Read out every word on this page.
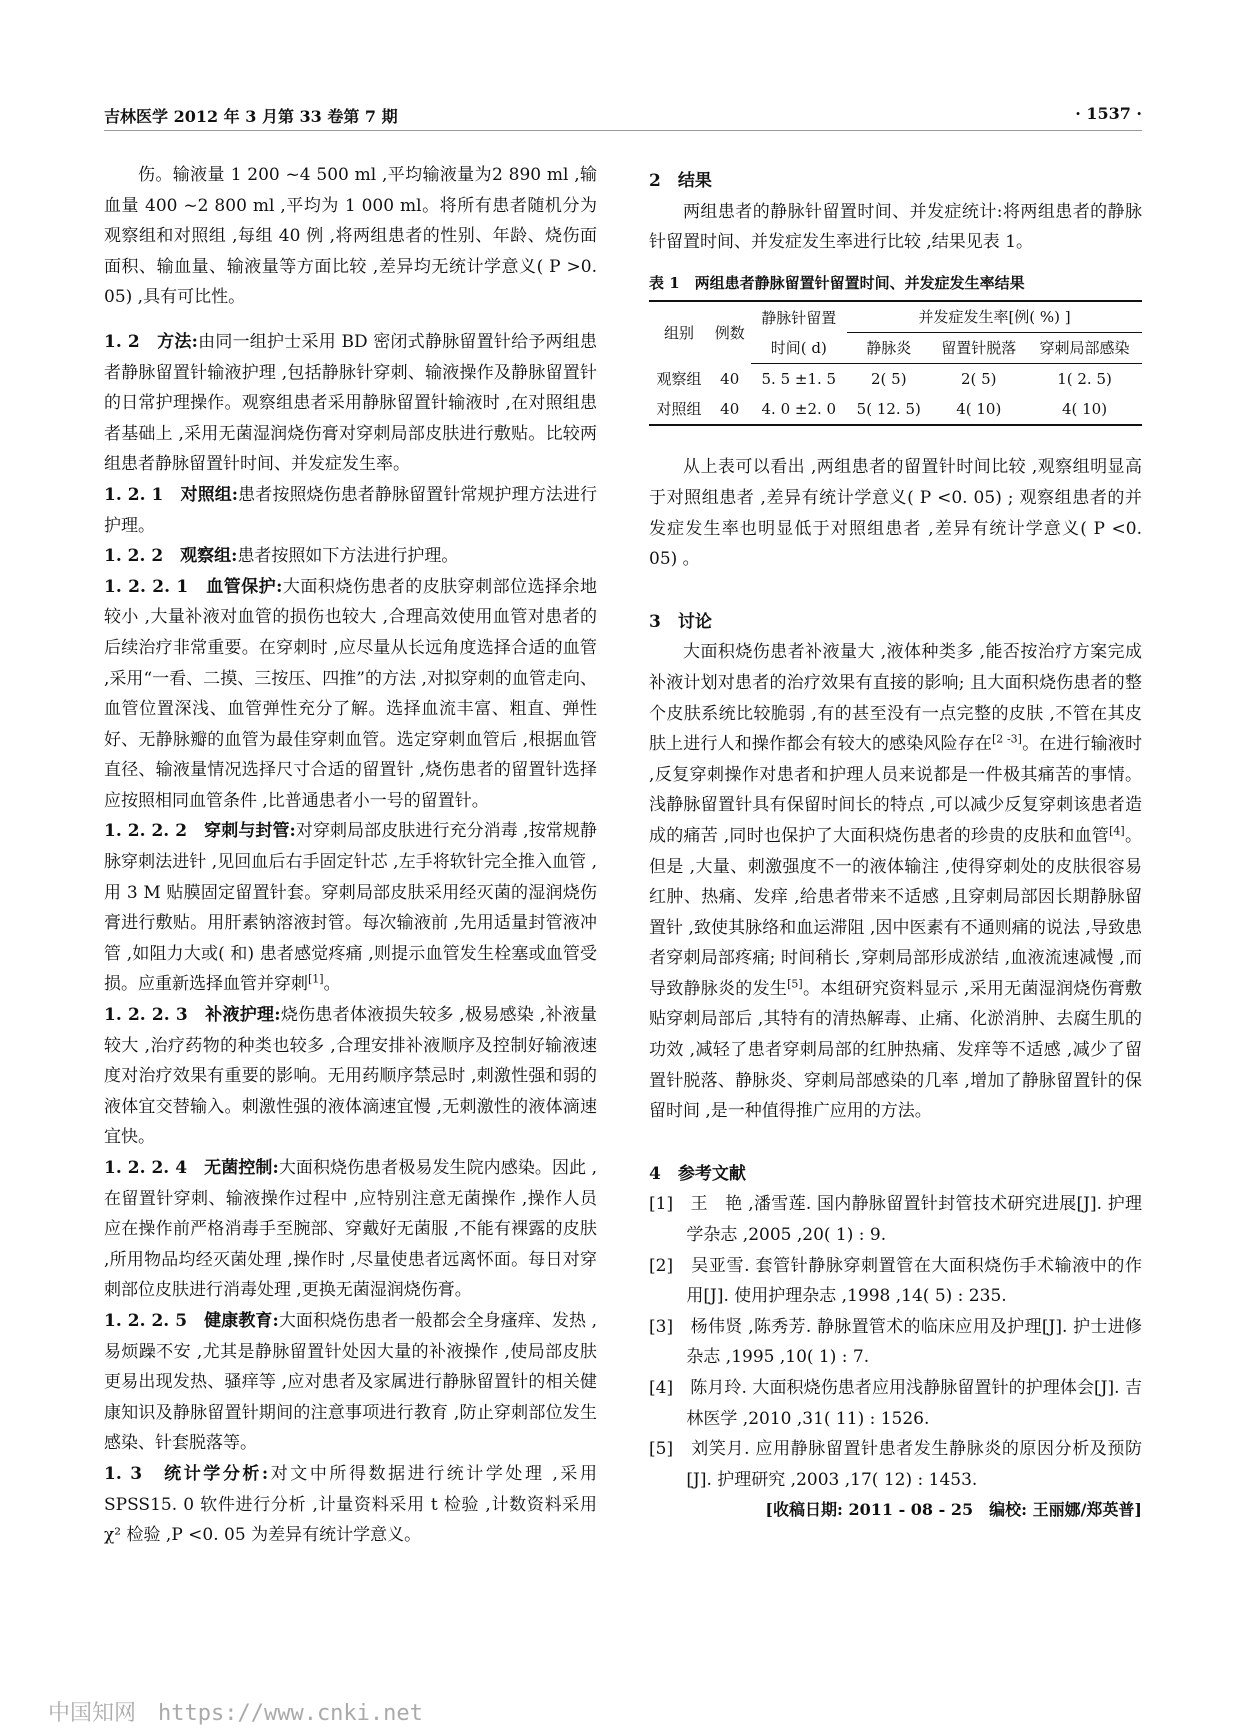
吉林医学 2012 年 3 月第 33 卷第 7 期	· 1537 ·

伤。输液量 1 200 ~4 500 ml ,平均输液量为2 890 ml ,输血量 400 ~2 800 ml ,平均为 1 000 ml。将所有患者随机分为观察组和对照组 ,每组 40 例 ,将两组患者的性别、年龄、烧伤面面积、输血量、输液量等方面比较 ,差异均无统计学意义( P >0. 05) ,具有可比性。

1. 2　方法:由同一组护士采用 BD 密闭式静脉留置针给予两组患者静脉留置针输液护理 ,包括静脉针穿刺、输液操作及静脉留置针的日常护理操作。观察组患者采用静脉留置针输液时 ,在对照组患者基础上 ,采用无菌湿润烧伤膏对穿刺局部皮肤进行敷贴。比较两组患者静脉留置针时间、并发症发生率。

1. 2. 1　对照组:患者按照烧伤患者静脉留置针常规护理方法进行护理。

1. 2. 2　观察组:患者按照如下方法进行护理。

1. 2. 2. 1　血管保护:大面积烧伤患者的皮肤穿刺部位选择余地较小 ,大量补液对血管的损伤也较大 ,合理高效使用血管对患者的后续治疗非常重要。在穿刺时 ,应尽量从长远角度选择合适的血管 ,采用“一看、二摸、三按压、四推”的方法 ,对拟穿刺的血管走向、血管位置深浅、血管弹性充分了解。选择血流丰富、粗直、弹性好、无静脉瓣的血管为最佳穿刺血管。选定穿刺血管后 ,根据血管直径、输液量情况选择尺寸合适的留置针 ,烧伤患者的留置针选择应按照相同血管条件 ,比普通患者小一号的留置针。

1. 2. 2. 2　穿刺与封管:对穿刺局部皮肤进行充分消毒 ,按常规静脉穿刺法进针 ,见回血后右手固定针芯 ,左手将软针完全推入血管 ,用 3 M 贴膜固定留置针套。穿刺局部皮肤采用经灭菌的湿润烧伤膏进行敷贴。用肝素钠溶液封管。每次输液前 ,先用适量封管液冲管 ,如阻力大或( 和) 患者感觉疼痛 ,则提示血管发生栓塞或血管受损。应重新选择血管并穿刺[1]。

1. 2. 2. 3　补液护理:烧伤患者体液损失较多 ,极易感染 ,补液量较大 ,治疗药物的种类也较多 ,合理安排补液顺序及控制好输液速度对治疗效果有重要的影响。无用药顺序禁忌时 ,刺激性强和弱的液体宜交替输入。刺激性强的液体滴速宜慢 ,无刺激性的液体滴速宜快。

1. 2. 2. 4　无菌控制:大面积烧伤患者极易发生院内感染。因此 ,在留置针穿刺、输液操作过程中 ,应特别注意无菌操作 ,操作人员应在操作前严格消毒手至腕部、穿戴好无菌服 ,不能有裸露的皮肤 ,所用物品均经灭菌处理 ,操作时 ,尽量使患者远离怀面。每日对穿刺部位皮肤进行消毒处理 ,更换无菌湿润烧伤膏。

1. 2. 2. 5　健康教育:大面积烧伤患者一般都会全身瘙痒、发热 ,易烦躁不安 ,尤其是静脉留置针处因大量的补液操作 ,使局部皮肤更易出现发热、骚痒等 ,应对患者及家属进行静脉留置针的相关健康知识及静脉留置针期间的注意事项进行教育 ,防止穿刺部位发生感染、针套脱落等。

1. 3　统计学分析:对文中所得数据进行统计学处理 ,采用 SPSS15. 0 软件进行分析 ,计量资料采用 t 检验 ,计数资料采用 χ² 检验 ,P <0. 05 为差异有统计学意义。

2　结果

两组患者的静脉针留置时间、并发症统计:将两组患者的静脉针留置时间、并发症发生率进行比较 ,结果见表 1。

表 1　两组患者静脉留置针留置时间、并发症发生率结果

组别	例数	静脉针留置	并发症发生率[例( %) ]		
		时间( d)	静脉炎	留置针脱落	穿刺局部感染
观察组	40	5. 5 ±1. 5	2( 5)	2( 5)	1( 2. 5)
对照组	40	4. 0 ±2. 0	5( 12. 5)	4( 10)	4( 10)

从上表可以看出 ,两组患者的留置针时间比较 ,观察组明显高于对照组患者 ,差异有统计学意义( P <0. 05) ; 观察组患者的并发症发生率也明显低于对照组患者 ,差异有统计学意义( P <0. 05) 。

3　讨论

大面积烧伤患者补液量大 ,液体种类多 ,能否按治疗方案完成补液计划对患者的治疗效果有直接的影响; 且大面积烧伤患者的整个皮肤系统比较脆弱 ,有的甚至没有一点完整的皮肤 ,不管在其皮肤上进行人和操作都会有较大的感染风险存在[2 -3]。在进行输液时 ,反复穿刺操作对患者和护理人员来说都是一件极其痛苦的事情。浅静脉留置针具有保留时间长的特点 ,可以减少反复穿刺该患者造成的痛苦 ,同时也保护了大面积烧伤患者的珍贵的皮肤和血管[4]。但是 ,大量、刺激强度不一的液体输注 ,使得穿刺处的皮肤很容易红肿、热痛、发痒 ,给患者带来不适感 ,且穿刺局部因长期静脉留置针 ,致使其脉络和血运滞阻 ,因中医素有不通则痛的说法 ,导致患者穿刺局部疼痛; 时间稍长 ,穿刺局部形成淤结 ,血液流速减慢 ,而导致静脉炎的发生[5]。本组研究资料显示 ,采用无菌湿润烧伤膏敷贴穿刺局部后 ,其特有的清热解毒、止痛、化淤消肿、去腐生肌的功效 ,减轻了患者穿刺局部的红肿热痛、发痒等不适感 ,减少了留置针脱落、静脉炎、穿刺局部感染的几率 ,增加了静脉留置针的保留时间 ,是一种值得推广应用的方法。

4　参考文献

[1]　王　艳 ,潘雪莲. 国内静脉留置针封管技术研究进展[J]. 护理学杂志 ,2005 ,20( 1) : 9.

[2]　吴亚雪. 套管针静脉穿刺置管在大面积烧伤手术输液中的作用[J]. 使用护理杂志 ,1998 ,14( 5) : 235.

[3]　杨伟贤 ,陈秀芳. 静脉置管术的临床应用及护理[J]. 护士进修杂志 ,1995 ,10( 1) : 7.

[4]　陈月玲. 大面积烧伤患者应用浅静脉留置针的护理体会[J]. 吉林医学 ,2010 ,31( 11) : 1526.

[5]　刘笑月. 应用静脉留置针患者发生静脉炎的原因分析及预防[J]. 护理研究 ,2003 ,17( 12) : 1453.

[收稿日期: 2011 - 08 - 25　编校: 王丽娜/郑英普]

中国知网　https://www.cnki.net
